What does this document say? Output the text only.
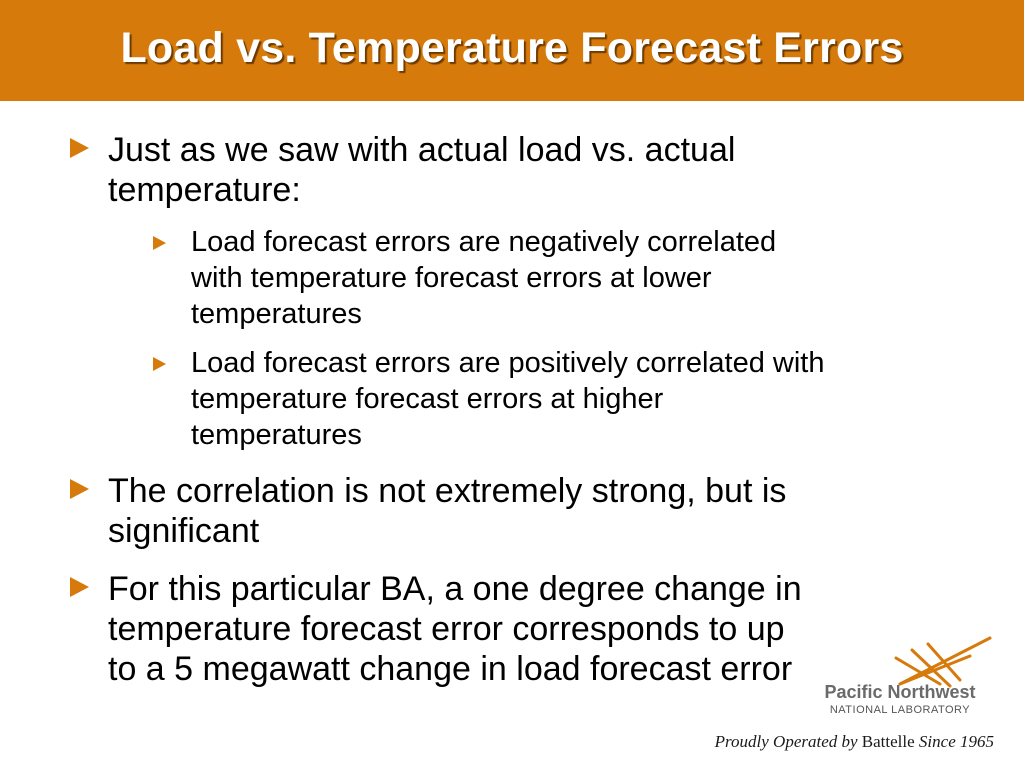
Load vs. Temperature Forecast Errors
Just as we saw with actual load vs. actual
temperature:
Load forecast errors are negatively correlated
with temperature forecast errors at lower
temperatures
Load forecast errors are positively correlated with
temperature forecast errors at higher
temperatures
The correlation is not extremely strong, but is
significant
For this particular BA, a one degree change in
temperature forecast error corresponds to up
to a 5 megawatt change in load forecast error
Pacific Northwest
NATIONAL LABORATORY
Proudly Operated by Battelle Since 1965
